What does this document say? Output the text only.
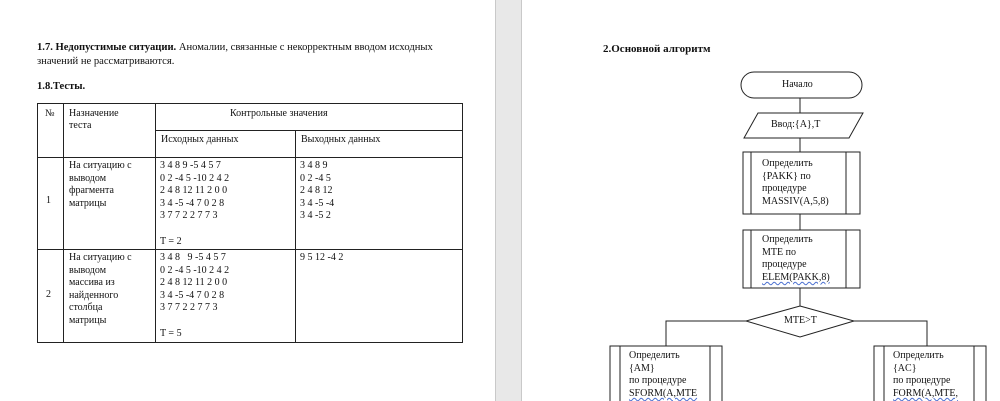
1.7. Недопустимые ситуации. Аномалии, связанные с некорректным вводом исходных
значений не рассматриваются.
1.8.Тесты.
№ Назначение
теста
Контрольные значения
Исходных данных	Выходных данных
1
На ситуацию с
выводом
фрагмента
матрицы
3 4 8 9 -5 4 5 7
0 2 -4 5 -10 2 4 2
2 4 8 12 11 2 0 0
3 4 -5 -4 7 0 2 8
3 7 7 2 2 7 7 3

T = 2
3 4 8 9
0 2 -4 5
2 4 8 12
3 4 -5 -4
3 4 -5 2
2
На ситуацию с
выводом
массива из
найденного
столбца
матрицы
3 4 8   9 -5 4 5 7
0 2 -4 5 -10 2 4 2
2 4 8 12 11 2 0 0
3 4 -5 -4 7 0 2 8
3 7 7 2 2 7 7 3

T = 5
9 5 12 -4 2
2.Основной алгоритм
Начало
Ввод:{A},T
Определить
{PAKK} по
процедуре
MASSIV(A,5,8)
Определить
MTE по
процедуре
ELEM(PAKK,8)
MTE>T
Определить
{AM}
по процедуре
SFORM(A,MTE
Определить
{AC}
по процедуре
FORM(A,MTE,
